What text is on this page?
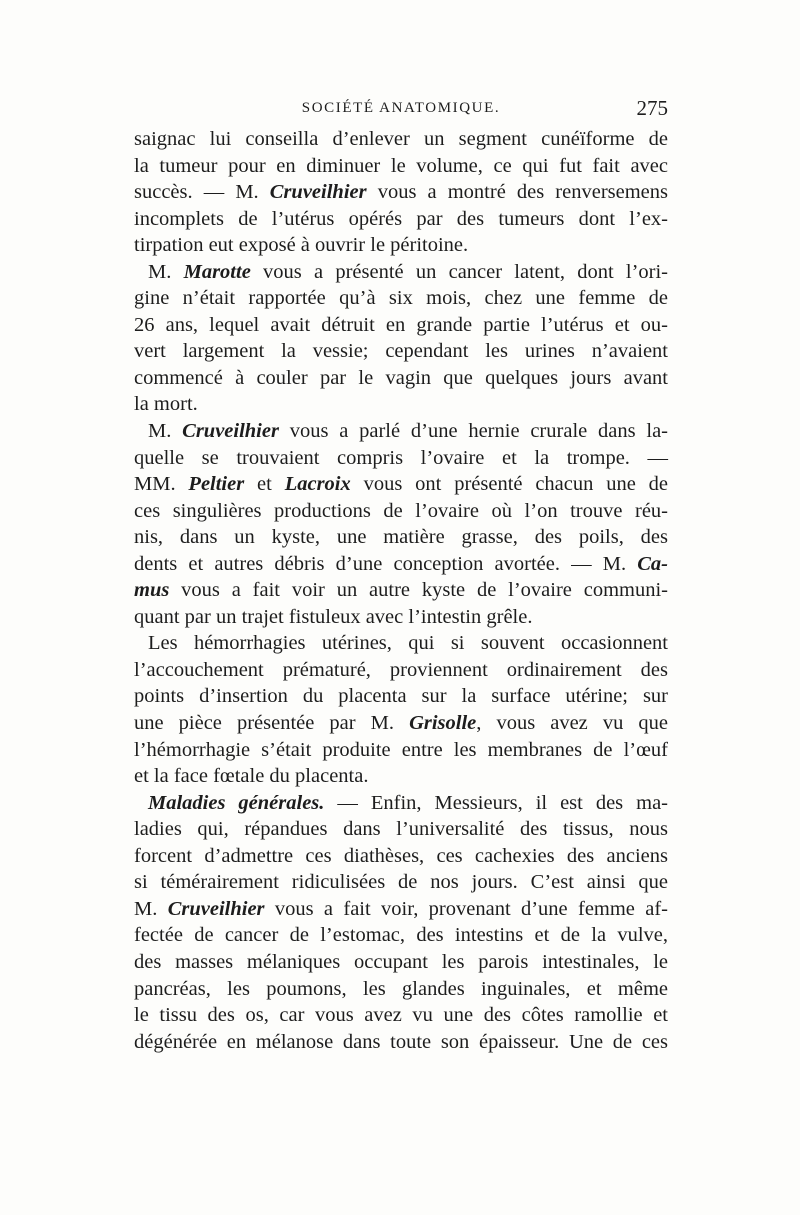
SOCIÉTÉ ANATOMIQUE.	275
saignac lui conseilla d’enlever un segment cunéïforme de
la tumeur pour en diminuer le volume, ce qui fut fait avec
succès. — M. Cruveilhier vous a montré des renversemens
incomplets de l’utérus opérés par des tumeurs dont l’ex-
tirpation eut exposé à ouvrir le péritoine.
M. Marotte vous a présenté un cancer latent, dont l’ori-
gine n’était rapportée qu’à six mois, chez une femme de
26 ans, lequel avait détruit en grande partie l’utérus et ou-
vert largement la vessie; cependant les urines n’avaient
commencé à couler par le vagin que quelques jours avant
la mort.
M. Cruveilhier vous a parlé d’une hernie crurale dans la-
quelle se trouvaient compris l’ovaire et la trompe. —
MM. Peltier et Lacroix vous ont présenté chacun une de
ces singulières productions de l’ovaire où l’on trouve réu-
nis, dans un kyste, une matière grasse, des poils, des
dents et autres débris d’une conception avortée. — M. Ca-
mus vous a fait voir un autre kyste de l’ovaire communi-
quant par un trajet fistuleux avec l’intestin grêle.
Les hémorrhagies utérines, qui si souvent occasionnent
l’accouchement prématuré, proviennent ordinairement des
points d’insertion du placenta sur la surface utérine; sur
une pièce présentée par M. Grisolle, vous avez vu que
l’hémorrhagie s’était produite entre les membranes de l’œuf
et la face fœtale du placenta.
Maladies générales. — Enfin, Messieurs, il est des ma-
ladies qui, répandues dans l’universalité des tissus, nous
forcent d’admettre ces diathèses, ces cachexies des anciens
si témérairement ridiculisées de nos jours. C’est ainsi que
M. Cruveilhier vous a fait voir, provenant d’une femme af-
fectée de cancer de l’estomac, des intestins et de la vulve,
des masses mélaniques occupant les parois intestinales, le
pancréas, les poumons, les glandes inguinales, et même
le tissu des os, car vous avez vu une des côtes ramollie et
dégénérée en mélanose dans toute son épaisseur. Une de ces
